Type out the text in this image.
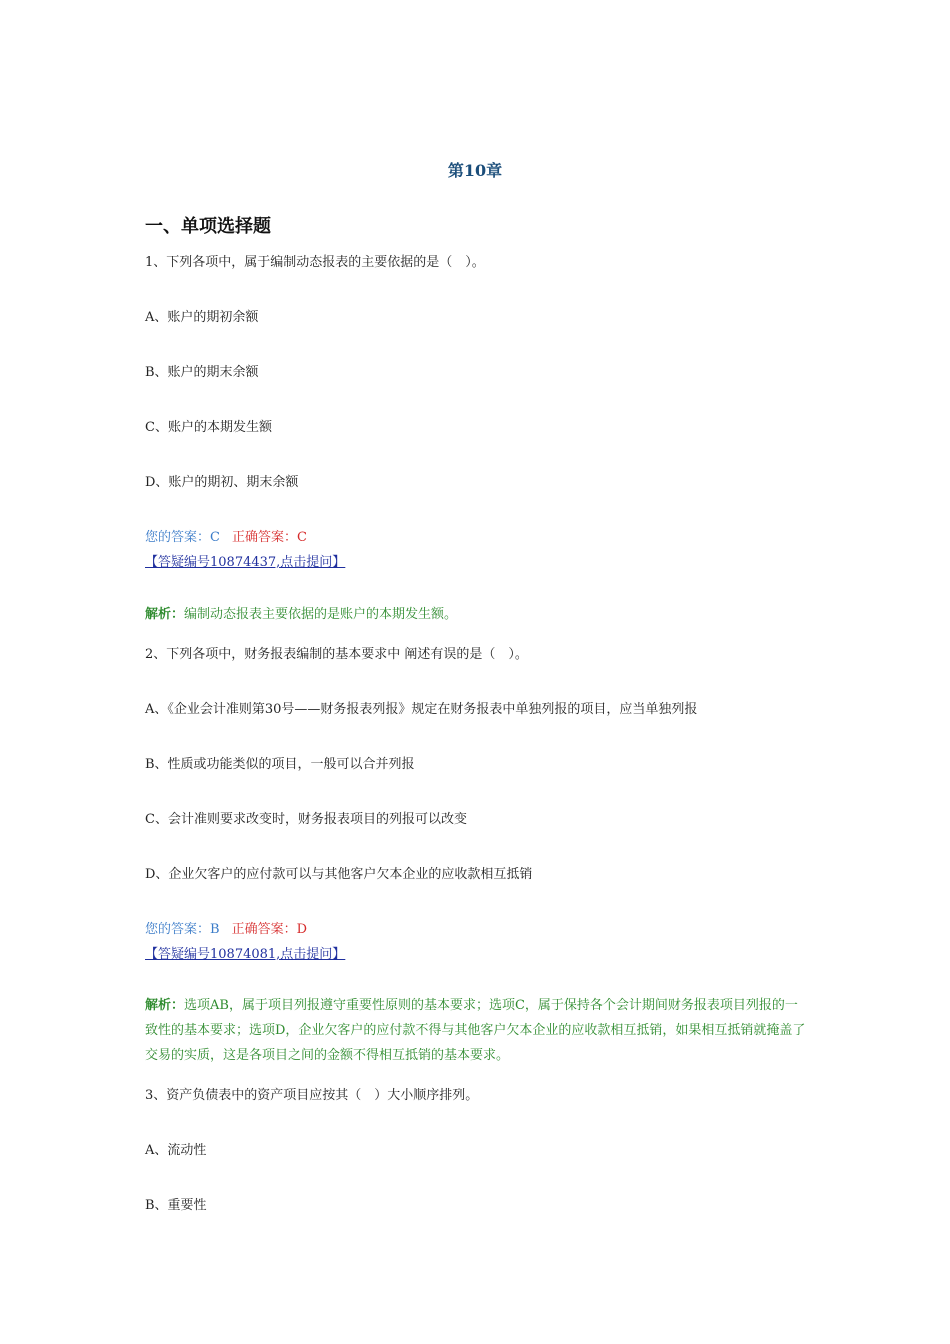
第10章
一、单项选择题
1、下列各项中，属于编制动态报表的主要依据的是（　）。
A、账户的期初余额
B、账户的期末余额
C、账户的本期发生额
D、账户的期初、期末余额
您的答案：C 正确答案：C
【答疑编号10874437,点击提问】
解析：编制动态报表主要依据的是账户的本期发生额。
2、下列各项中，财务报表编制的基本要求中 阐述有误的是（　）。
A、《企业会计准则第30号——财务报表列报》规定在财务报表中单独列报的项目，应当单独列报
B、性质或功能类似的项目，一般可以合并列报
C、会计准则要求改变时，财务报表项目的列报可以改变
D、企业欠客户的应付款可以与其他客户欠本企业的应收款相互抵销
您的答案：B 正确答案：D
【答疑编号10874081,点击提问】
解析：选项AB，属于项目列报遵守重要性原则的基本要求；选项C，属于保持各个会计期间财务报表项目列报的一致性的基本要求；选项D，企业欠客户的应付款不得与其他客户欠本企业的应收款相互抵销，如果相互抵销就掩盖了交易的实质，这是各项目之间的金额不得相互抵销的基本要求。
3、资产负债表中的资产项目应按其（　）大小顺序排列。
A、流动性
B、重要性
